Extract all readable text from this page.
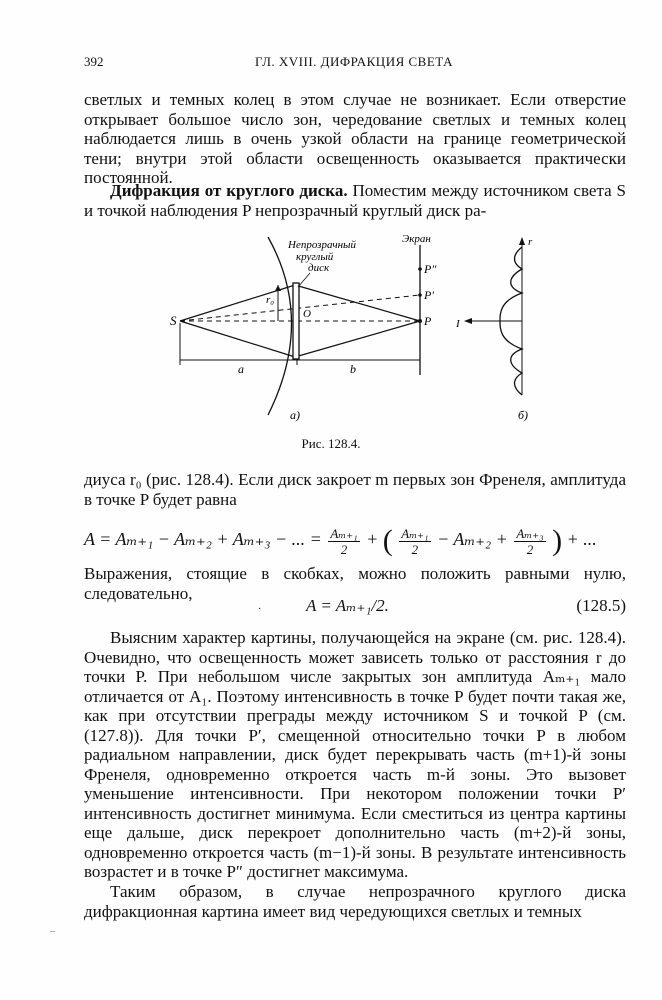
392	ГЛ. XVIII. ДИФРАКЦИЯ СВЕТА
светлых и темных колец в этом случае не возникает. Если отверстие открывает большое число зон, чередование светлых и темных колец наблюдается лишь в очень узкой области на границе геометрической тени; внутри этой области освещенность оказывается практически постоянной.
Дифракция от круглого диска. Поместим между источником света S и точкой наблюдения P непрозрачный круглый диск ра-
r₀
S	P
P′
P″
O
a	b
Непрозрачный
круглый
диск
Экран
а)
r
I
б)
Рис. 128.4.
диуса r₀ (рис. 128.4). Если диск закроет m первых зон Френеля, амплитуда в точке P будет равна
A = Aₘ₊₁ − Aₘ₊₂ + Aₘ₊₃ − ... = $\frac{\text{Aₘ₊₁}}{2}$ + ( $\frac{\text{Aₘ₊₁}}{2} - A_{m+2} + \frac{\text{Aₘ₊₃}}{2}$ ) + ...
Выражения, стоящие в скобках, можно положить равными нулю, следовательно,
A = Aₘ₊₁/2.	(128.5)
·
Выясним характер картины, получающейся на экране (см. рис. 128.4). Очевидно, что освещенность может зависеть только от расстояния r до точки P. При небольшом числе закрытых зон амплитуда Aₘ₊₁ мало отличается от A₁. Поэтому интенсивность в точке P будет почти такая же, как при отсутствии преграды между источником S и точкой P (см. (127.8)). Для точки P′, смещенной относительно точки P в любом радиальном направлении, диск будет перекрывать часть (m+1)-й зоны Френеля, одновременно откроется часть m-й зоны. Это вызовет уменьшение интенсивности. При некотором положении точки P′ интенсивность достигнет минимума. Если сместиться из центра картины еще дальше, диск перекроет дополнительно часть (m+2)-й зоны, одновременно откроется часть (m−1)-й зоны. В результате интенсивность возрастет и в точке P″ достигнет максимума.
Таким образом, в случае непрозрачного круглого диска дифракционная картина имеет вид чередующихся светлых и темных
–
